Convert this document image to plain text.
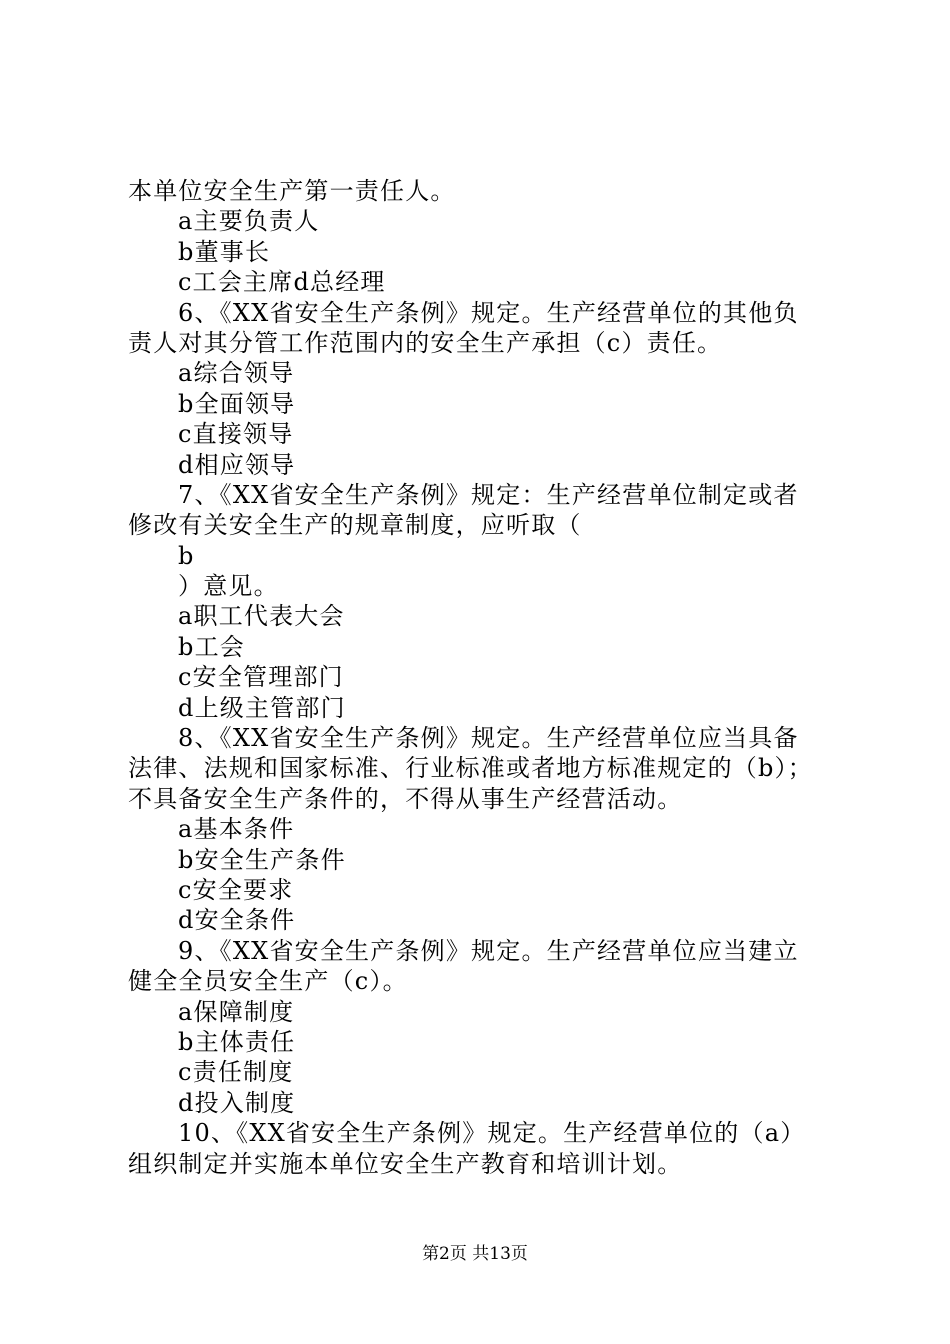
本单位安全生产第一责任人。
a主要负责人
b董事长
c工会主席d总经理
6、《XX省安全生产条例》规定。生产经营单位的其他负
责人对其分管工作范围内的安全生产承担（c）责任。
a综合领导
b全面领导
c直接领导
d相应领导
7、《XX省安全生产条例》规定：生产经营单位制定或者
修改有关安全生产的规章制度，应听取（
b
）意见。
a职工代表大会
b工会
c安全管理部门
d上级主管部门
8、《XX省安全生产条例》规定。生产经营单位应当具备
法律、法规和国家标准、行业标准或者地方标准规定的（b）；
不具备安全生产条件的，不得从事生产经营活动。
a基本条件
b安全生产条件
c安全要求
d安全条件
9、《XX省安全生产条例》规定。生产经营单位应当建立
健全全员安全生产（c）。
a保障制度
b主体责任
c责任制度
d投入制度
10、《XX省安全生产条例》规定。生产经营单位的（a）
组织制定并实施本单位安全生产教育和培训计划。
第2页 共13页
